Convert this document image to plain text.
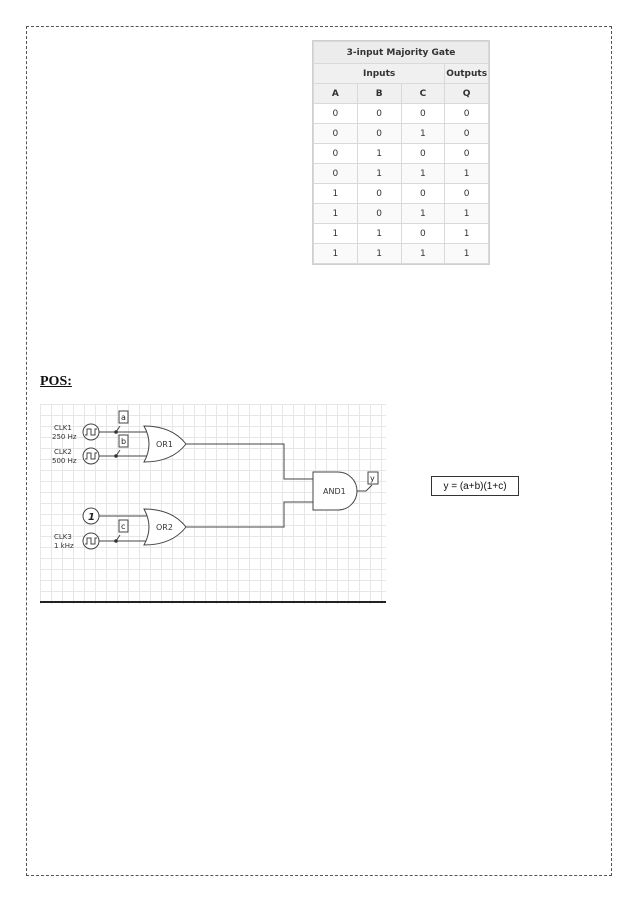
3-input Majority Gate			
Inputs			Outputs
A	B	C	Q
0	0	0	0
0	0	1	0
0	1	0	0
0	1	1	1
1	0	0	0
1	0	1	1
1	1	0	1
1	1	1	1
POS:
CLK1
250 Hz
CLK2
500 Hz
CLK3
1 kHz
1
a
b
c
OR1
OR2
AND1
y
y = (a+b)(1+c)
